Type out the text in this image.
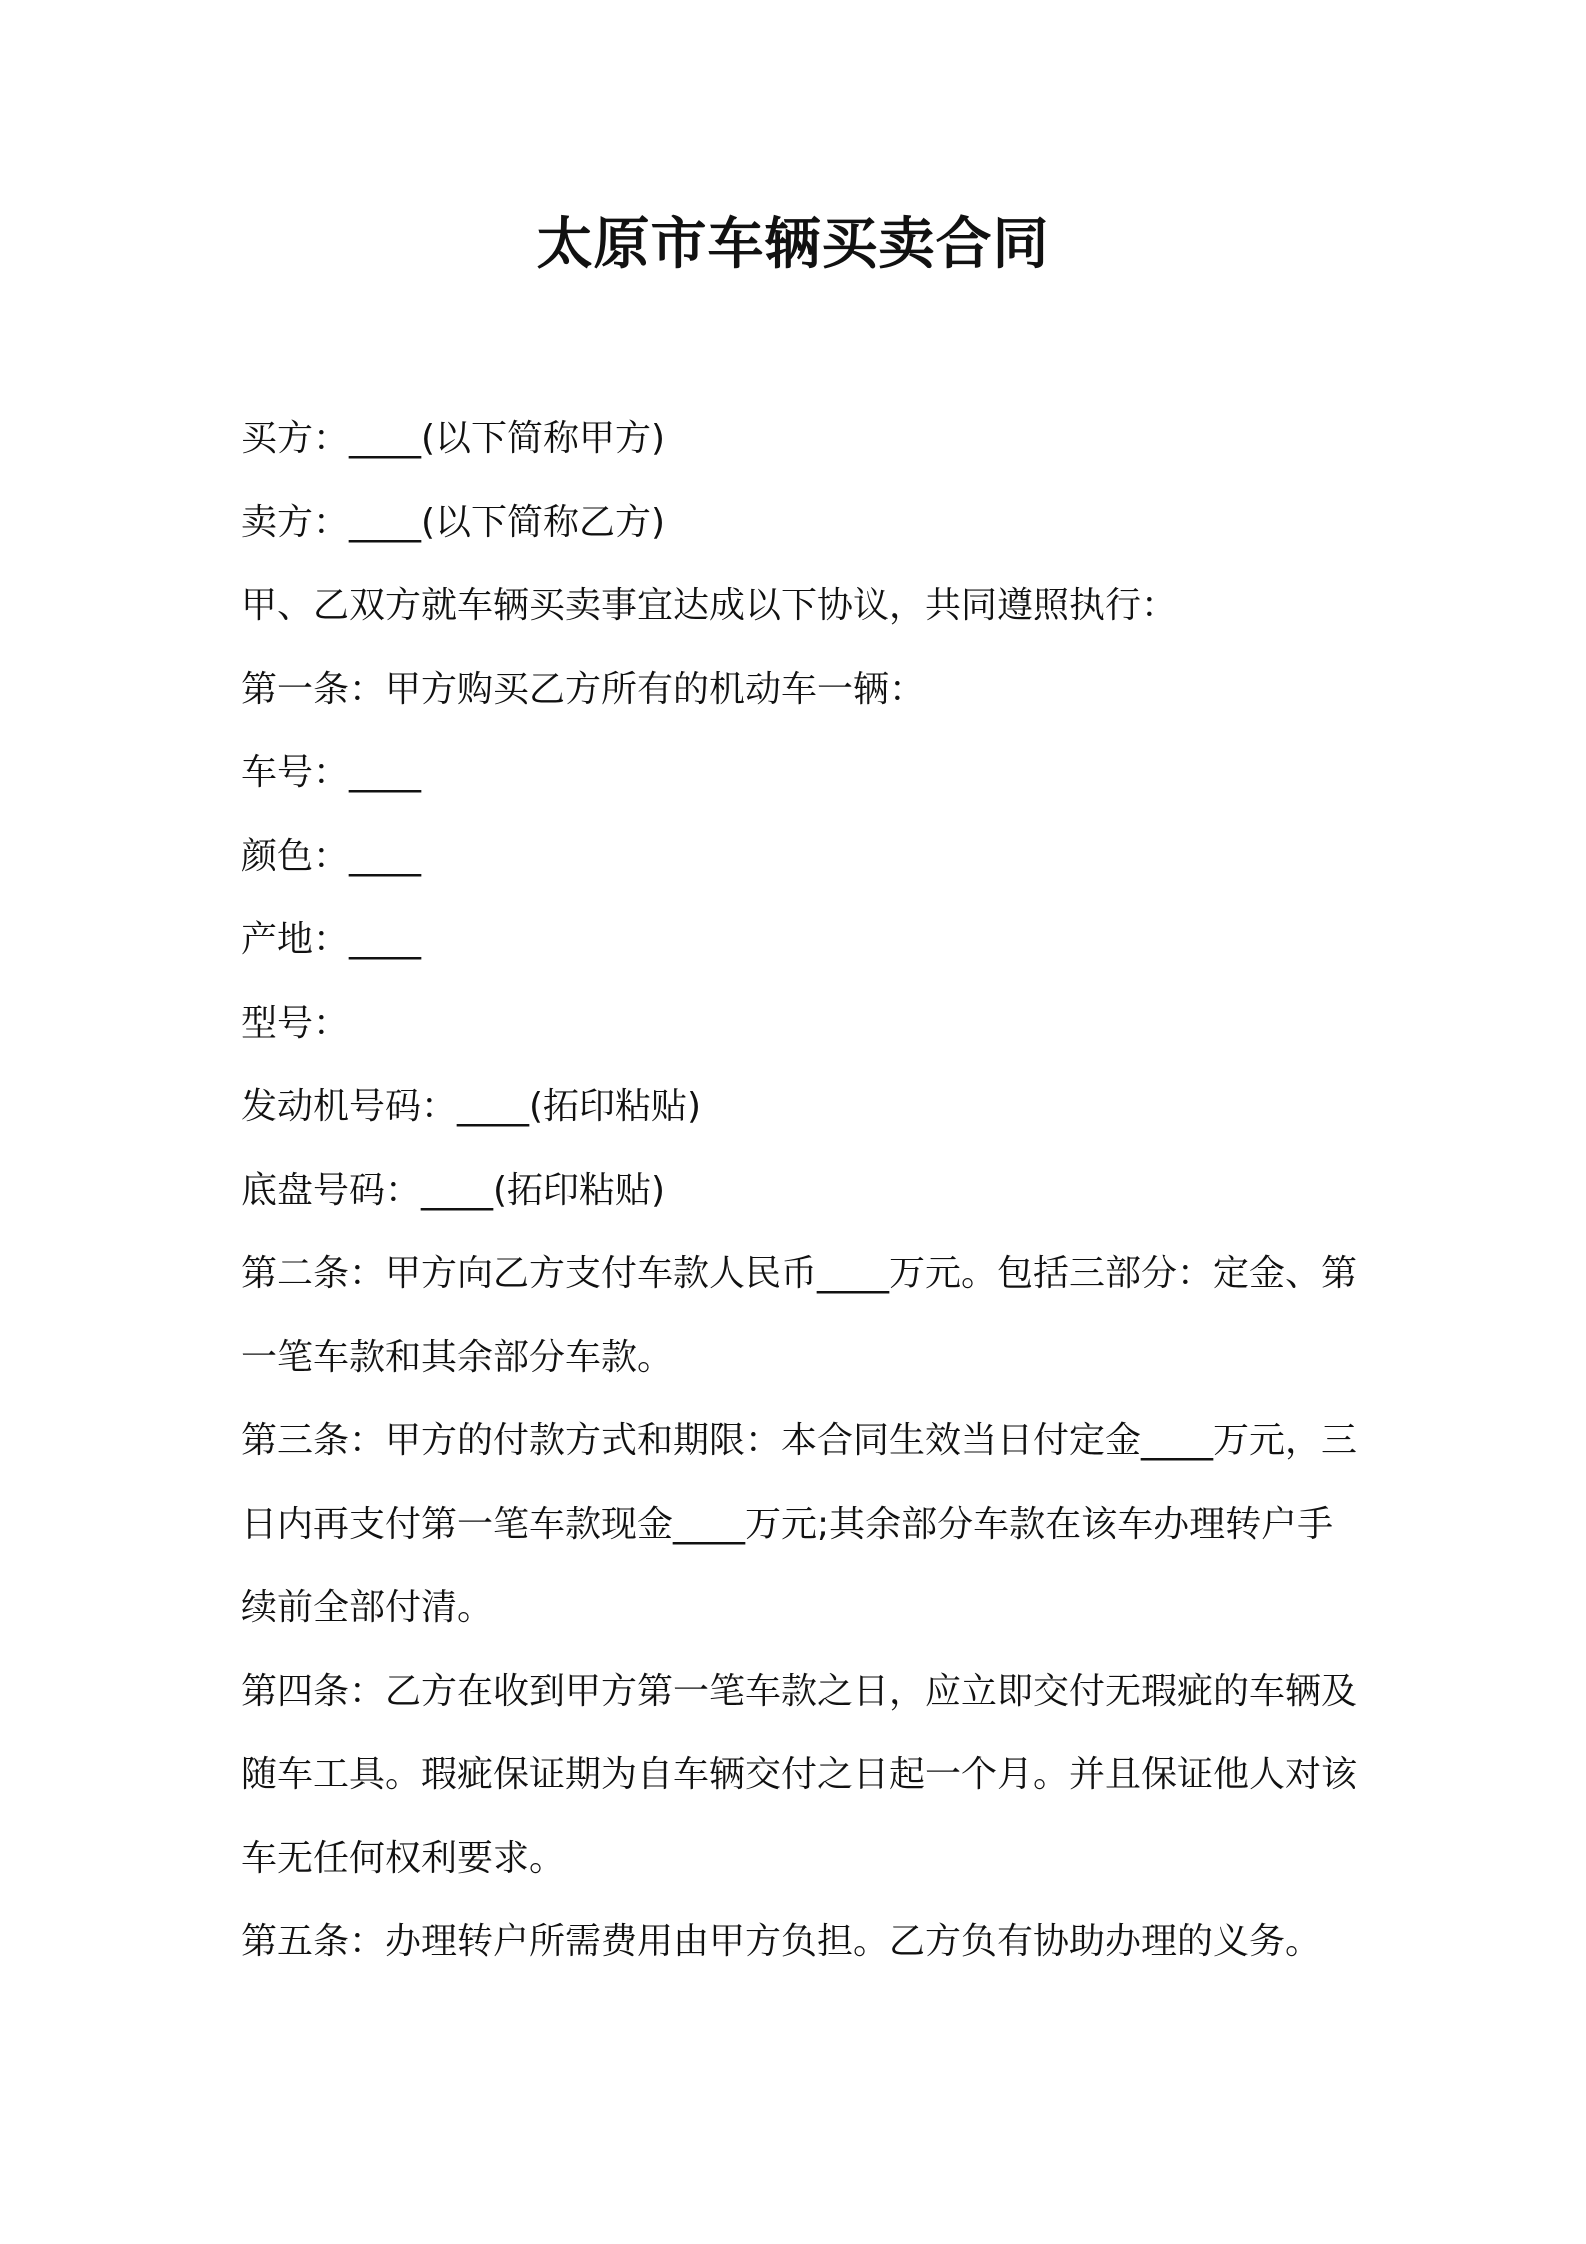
太原市车辆买卖合同

买方：____(以下简称甲方)

卖方：____(以下简称乙方)

甲、乙双方就车辆买卖事宜达成以下协议，共同遵照执行：

第一条：甲方购买乙方所有的机动车一辆：

车号：____

颜色：____

产地：____

型号：

发动机号码：____(拓印粘贴)

底盘号码：____(拓印粘贴)

第二条：甲方向乙方支付车款人民币____万元。包括三部分：定金、第一笔车款和其余部分车款。

第三条：甲方的付款方式和期限：本合同生效当日付定金____万元，三日内再支付第一笔车款现金____万元;其余部分车款在该车办理转户手续前全部付清。

第四条：乙方在收到甲方第一笔车款之日，应立即交付无瑕疵的车辆及随车工具。瑕疵保证期为自车辆交付之日起一个月。并且保证他人对该车无任何权利要求。

第五条：办理转户所需费用由甲方负担。乙方负有协助办理的义务。
